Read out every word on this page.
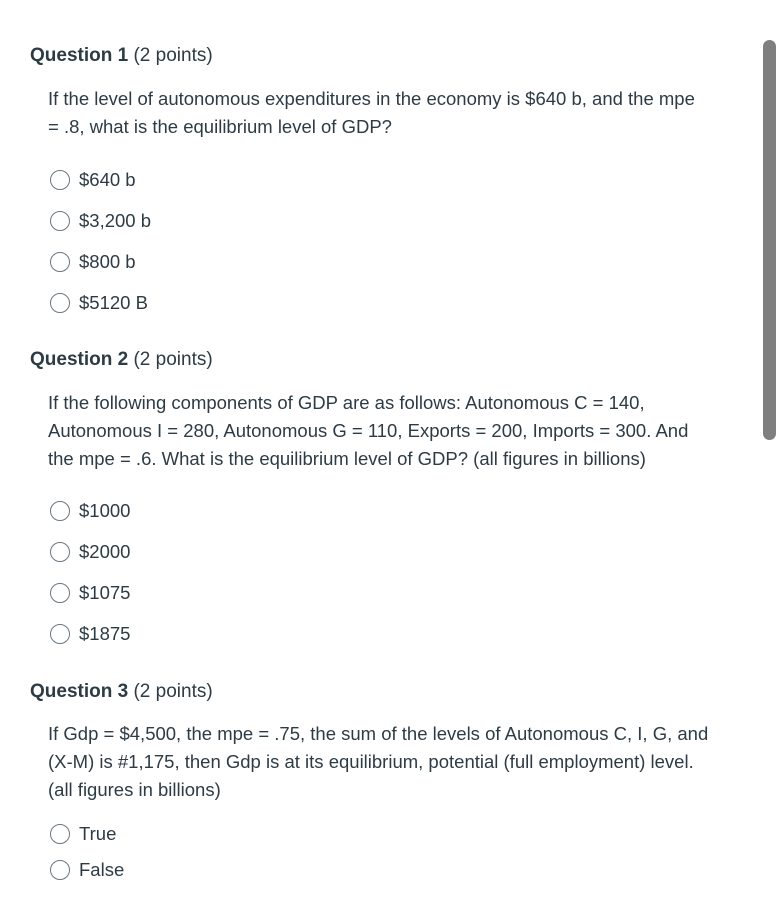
Question 1 (2 points)
If the level of autonomous expenditures in the economy is $640 b, and the mpe
= .8, what is the equilibrium level of GDP?
$640 b
$3,200 b
$800 b
$5120 B
Question 2 (2 points)
If the following components of GDP are as follows: Autonomous C = 140,
Autonomous I = 280, Autonomous G = 110, Exports = 200, Imports = 300. And
the mpe = .6. What is the equilibrium level of GDP? (all figures in billions)
$1000
$2000
$1075
$1875
Question 3 (2 points)
If Gdp = $4,500, the mpe = .75, the sum of the levels of Autonomous C, I, G, and
(X-M) is #1,175, then Gdp is at its equilibrium, potential (full employment) level.
(all figures in billions)
True
False
